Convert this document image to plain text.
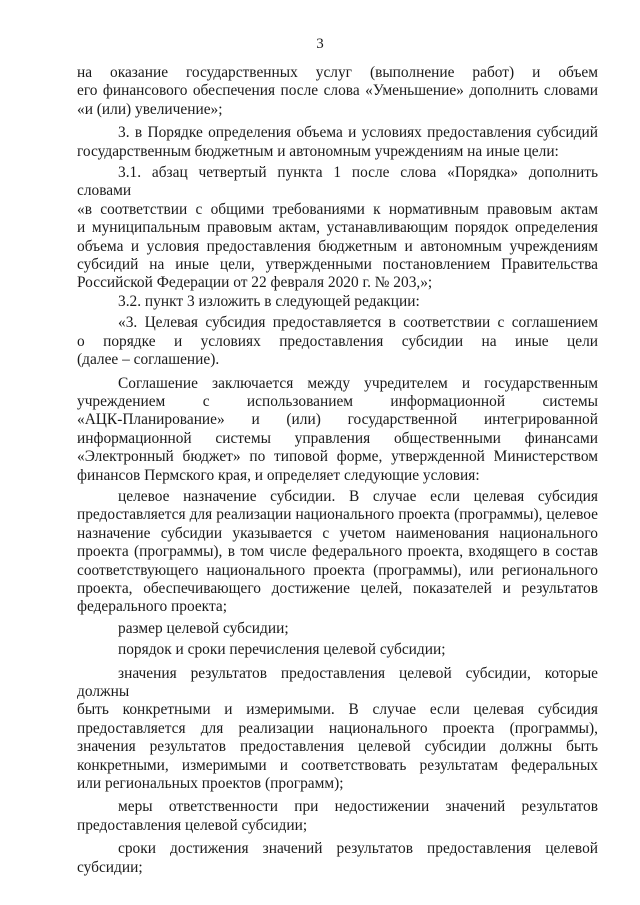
3
на оказание государственных услуг (выполнение работ) и объем
его финансового обеспечения после слова «Уменьшение» дополнить словами
«и (или) увеличение»;
3. в Порядке определения объема и условиях предоставления субсидий
государственным бюджетным и автономным учреждениям на иные цели:
3.1. абзац четвертый пункта 1 после слова «Порядка» дополнить словами
«в соответствии с общими требованиями к нормативным правовым актам
и муниципальным правовым актам, устанавливающим порядок определения
объема и условия предоставления бюджетным и автономным учреждениям
субсидий на иные цели, утвержденными постановлением Правительства
Российской Федерации от 22 февраля 2020 г. № 203,»;
3.2. пункт 3 изложить в следующей редакции:
«3. Целевая субсидия предоставляется в соответствии с соглашением
о порядке и условиях предоставления субсидии на иные цели
(далее – соглашение).
Соглашение заключается между учредителем и государственным
учреждением с использованием информационной системы
«АЦК-Планирование» и (или) государственной интегрированной
информационной системы управления общественными финансами
«Электронный бюджет» по типовой форме, утвержденной Министерством
финансов Пермского края, и определяет следующие условия:
целевое назначение субсидии. В случае если целевая субсидия
предоставляется для реализации национального проекта (программы), целевое
назначение субсидии указывается с учетом наименования национального
проекта (программы), в том числе федерального проекта, входящего в состав
соответствующего национального проекта (программы), или регионального
проекта, обеспечивающего достижение целей, показателей и результатов
федерального проекта;
размер целевой субсидии;
порядок и сроки перечисления целевой субсидии;
значения результатов предоставления целевой субсидии, которые должны
быть конкретными и измеримыми. В случае если целевая субсидия
предоставляется для реализации национального проекта (программы),
значения результатов предоставления целевой субсидии должны быть
конкретными, измеримыми и соответствовать результатам федеральных
или региональных проектов (программ);
меры ответственности при недостижении значений результатов
предоставления целевой субсидии;
сроки достижения значений результатов предоставления целевой
субсидии;
